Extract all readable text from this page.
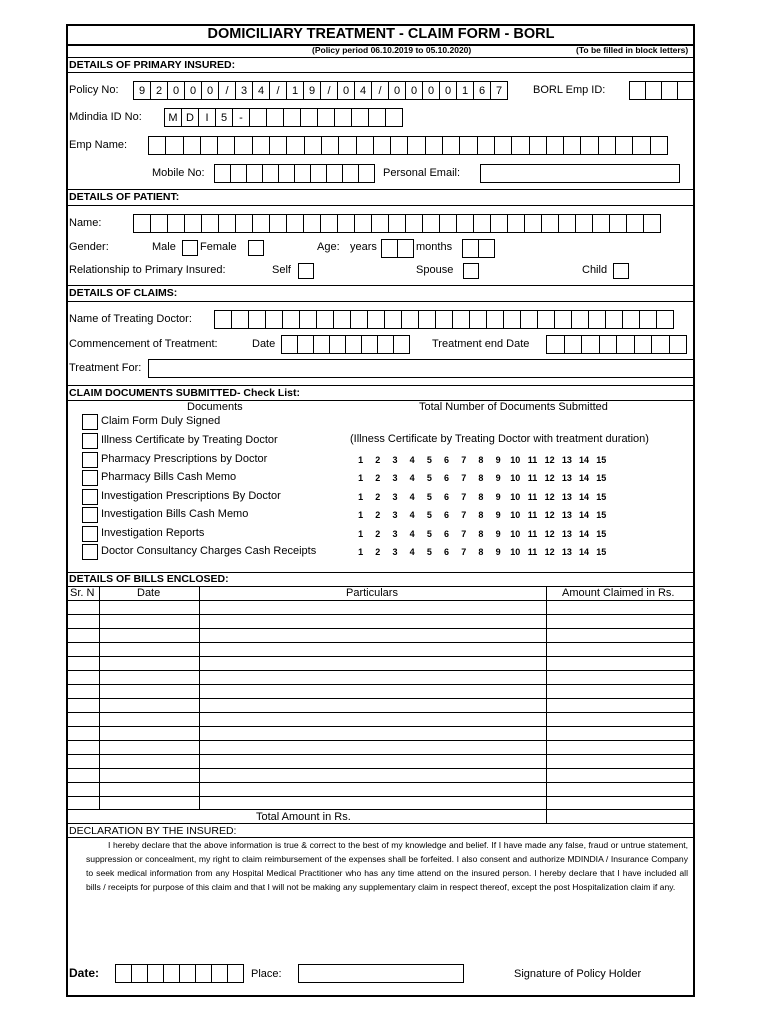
DOMICILIARY TREATMENT - CLAIM FORM - BORL
(Policy period 06.10.2019 to 05.10.2020)	(To be filled in block letters)
DETAILS OF PRIMARY INSURED:
Policy No:	9 2 0 0 0	/	3 4	/	1 9	/	0 4	/	0 0 0 0 1 6 7	BORL Emp ID:
Mdindia ID No:	M D	I	5	-
Emp Name:
Mobile No:	Personal Email:
DETAILS OF PATIENT:
Name:
Gender:	Male Female	Age: years	months
Relationship to Primary Insured:	Self	Spouse	Child
DETAILS OF CLAIMS:
Name of Treating Doctor:
Commencement of Treatment:	Date	Treatment end Date
Treatment For:
CLAIM DOCUMENTS SUBMITTED- Check List:
Documents	Total Number of Documents Submitted
(Illness Certificate by Treating Doctor with treatment duration)
Claim Form Duly Signed
Illness Certificate by Treating Doctor
Pharmacy Prescriptions by Doctor	1	2	3	4	5	6	7	8	9	10 11 12 13 14 15
Pharmacy Bills Cash Memo	1	2	3	4	5	6	7	8	9	10 11 12 13 14 15
Investigation Prescriptions By Doctor	1	2	3	4	5	6	7	8	9	10 11 12 13 14 15
Investigation Bills Cash Memo	1	2	3	4	5	6	7	8	9	10 11 12 13 14 15
Investigation Reports	1	2	3	4	5	6	7	8	9	10 11 12 13 14 15
Doctor Consultancy Charges Cash Receipts	1	2	3	4	5	6	7	8	9	10 11 12 13 14 15
DETAILS OF BILLS ENCLOSED:
Sr. N	Date	Particulars	Amount Claimed in Rs.
Total Amount in Rs.
DECLARATION BY THE INSURED:
I hereby declare that the above information is true & correct to the best of my knowledge and belief. If I have made any false, fraud or untrue statement, suppression or concealment, my right to claim reimbursement of the expenses shall be forfeited. I also consent and authorize MDINDIA / Insurance Company to seek medical information from any Hospital Medical Practitioner who has any time attend on the insured person. I hereby declare that I have included all bills / receipts for purpose of this claim and that I will not be making any supplementary claim in respect thereof, except the post Hospitalization claim if any.
Date:	Place:	Signature of Policy Holder
